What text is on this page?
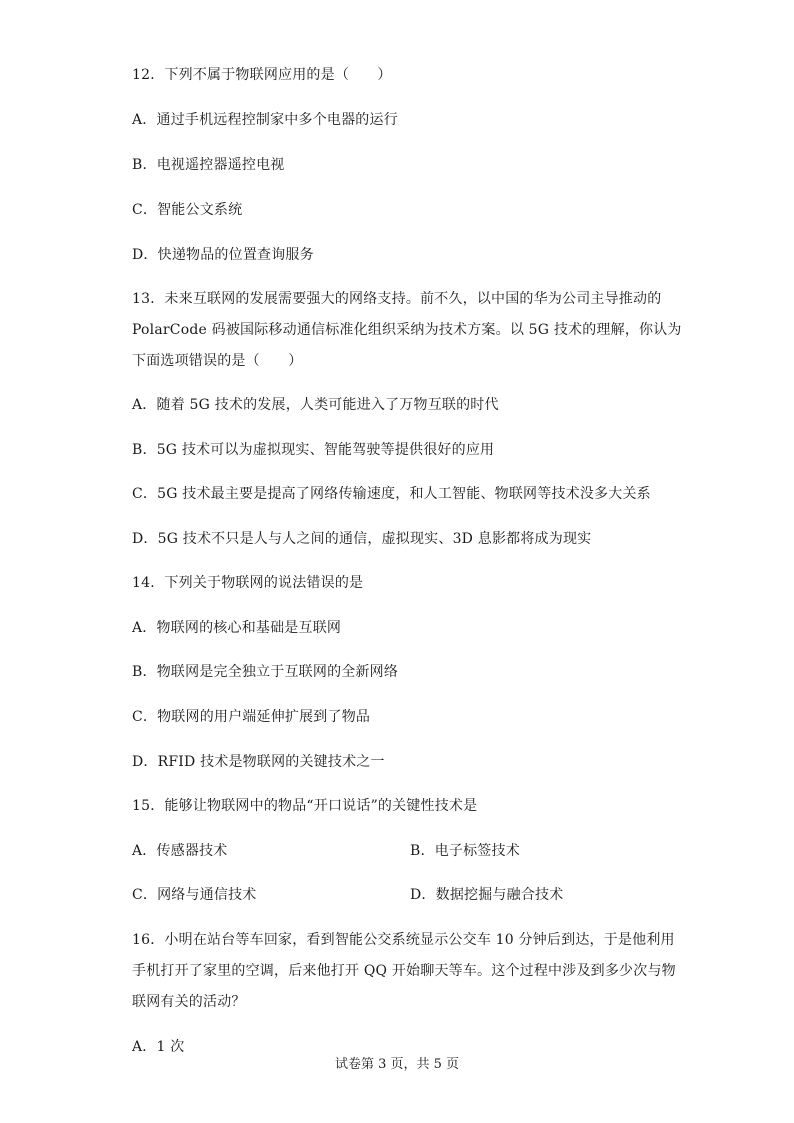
12．下列不属于物联网应用的是（　　）
A．通过手机远程控制家中多个电器的运行
B．电视遥控器遥控电视
C．智能公文系统
D．快递物品的位置查询服务
13．未来互联网的发展需要强大的网络支持。前不久，以中国的华为公司主导推动的
PolarCode 码被国际移动通信标准化组织采纳为技术方案。以 5G 技术的理解，你认为
下面选项错误的是（　　）
A．随着 5G 技术的发展，人类可能进入了万物互联的时代
B．5G 技术可以为虚拟现实、智能驾驶等提供很好的应用
C．5G 技术最主要是提高了网络传输速度，和人工智能、物联网等技术没多大关系
D．5G 技术不只是人与人之间的通信，虚拟现实、3D 息影都将成为现实
14．下列关于物联网的说法错误的是
A．物联网的核心和基础是互联网
B．物联网是完全独立于互联网的全新网络
C．物联网的用户端延伸扩展到了物品
D．RFID 技术是物联网的关键技术之一
15．能够让物联网中的物品“开口说话”的关键性技术是
A．传感器技术	B．电子标签技术
C．网络与通信技术	D．数据挖掘与融合技术
16．小明在站台等车回家，看到智能公交系统显示公交车 10 分钟后到达，于是他利用
手机打开了家里的空调，后来他打开 QQ 开始聊天等车。这个过程中涉及到多少次与物
联网有关的活动？
A．1 次
试卷第 3 页，共 5 页
